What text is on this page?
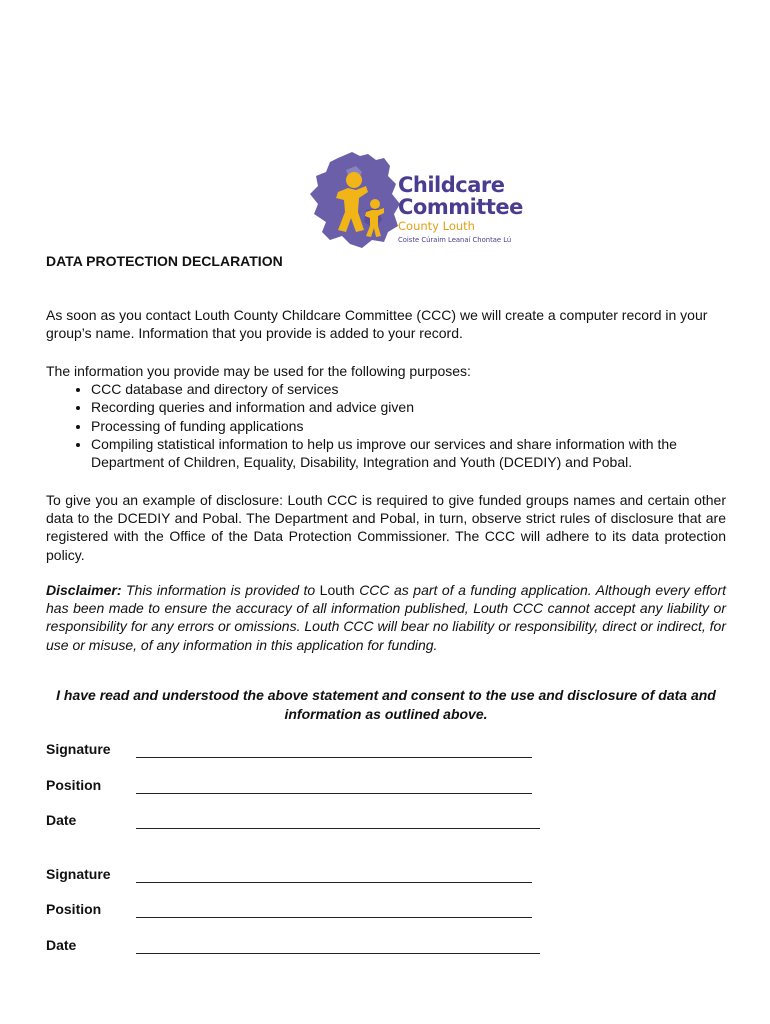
Childcare
Committee
County Louth
Coiste Cúraim Leanaí Chontae Lú
DATA PROTECTION DECLARATION
As soon as you contact Louth County Childcare Committee (CCC) we will create a computer record in your group’s name. Information that you provide is added to your record.
The information you provide may be used for the following purposes:
• CCC database and directory of services
• Recording queries and information and advice given
• Processing of funding applications
• Compiling statistical information to help us improve our services and share information with the Department of Children, Equality, Disability, Integration and Youth (DCEDIY) and Pobal.
To give you an example of disclosure: Louth CCC is required to give funded groups names and certain other data to the DCEDIY and Pobal. The Department and Pobal, in turn, observe strict rules of disclosure that are registered with the Office of the Data Protection Commissioner. The CCC will adhere to its data protection policy.
Disclaimer: This information is provided to Louth CCC as part of a funding application. Although every effort has been made to ensure the accuracy of all information published, Louth CCC cannot accept any liability or responsibility for any errors or omissions. Louth CCC will bear no liability or responsibility, direct or indirect, for use or misuse, of any information in this application for funding.
I have read and understood the above statement and consent to the use and disclosure of data and information as outlined above.
Signature
Position
Date
Signature
Position
Date
